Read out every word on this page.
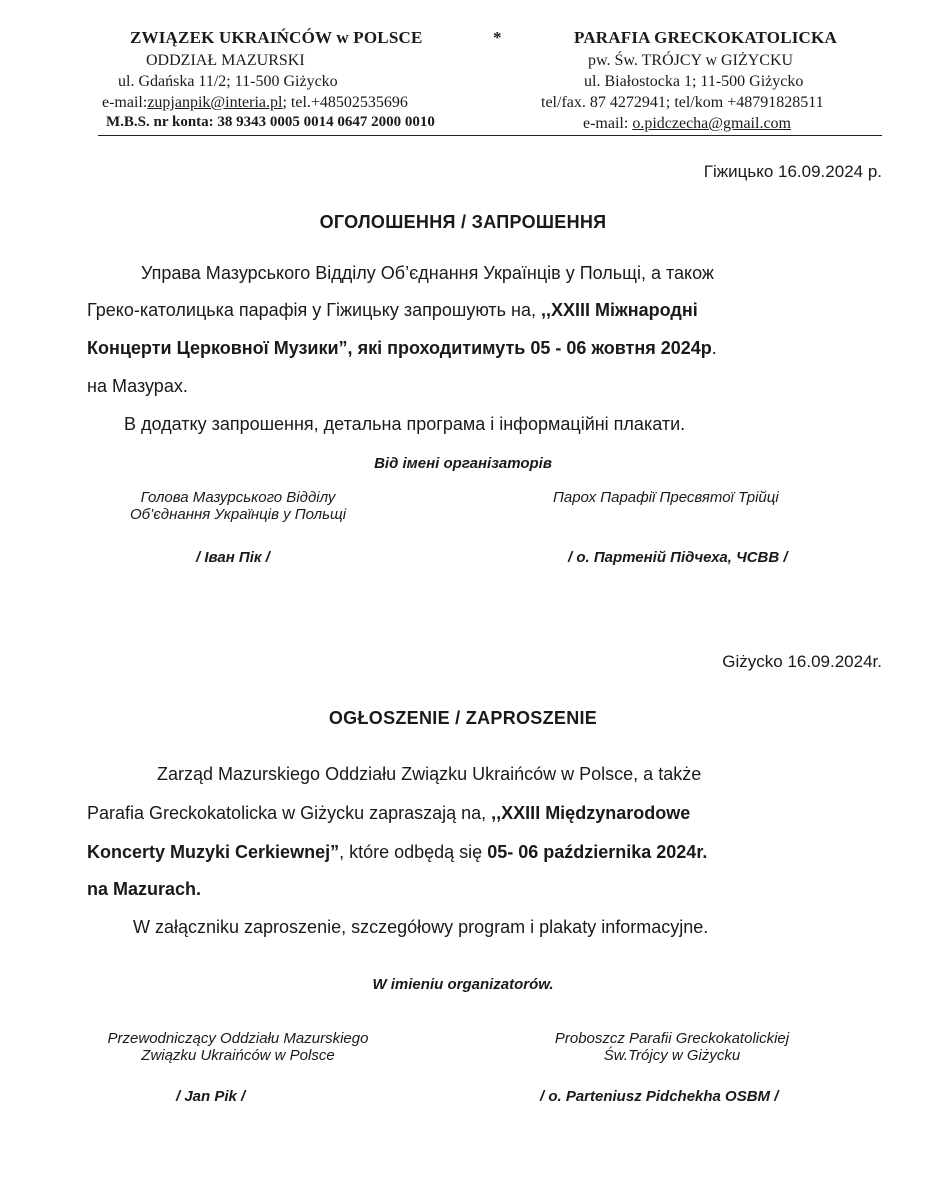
ZWIĄZEK UKRAIŃCÓW w POLSCE
ODDZIAŁ MAZURSKI
ul. Gdańska 11/2; 11-500 Giżycko
e-mail:zupjanpik@interia.pl; tel.+48502535696
M.B.S. nr konta: 38 9343 0005 0014 0647 2000 0010
*	PARAFIA GRECKOKATOLICKA
pw. Św. TRÓJCY w GIŻYCKU
ul. Białostocka 1; 11-500 Giżycko
tel/fax. 87 4272941; tel/kom +48791828511
e-mail: o.pidczecha@gmail.com
Гіжицько 16.09.2024 р.
ОГОЛОШЕННЯ / ЗАПРОШЕННЯ
Управа Мазурського Відділу Об’єднання Українців у Польщі, а також
Греко-католицька парафія у Гіжицьку запрошують на, ,,XXIII Міжнародні
Концерти Церковної Музики”, які проходитимуть 05 - 06 жовтня 2024р.
на Мазурах.
В додатку запрошення, детальна програма і інформаційні плакати.
Від імені організаторів
Голова Мазурського Відділу
Об’єднання Українців у Польщі
/ Іван Пік /
Парох Парафії Пресвятої Трійці
/ о. Партеній Підчеха, ЧСВВ /
Giżycko 16.09.2024r.
OGŁOSZENIE / ZAPROSZENIE
Zarząd Mazurskiego Oddziału Związku Ukraińców w Polsce, a także
Parafia Greckokatolicka w Giżycku zapraszają na, ,,XXIII Międzynarodowe
Koncerty Muzyki Cerkiewnej”, które odbędą się 05- 06 października 2024r.
na Mazurach.
W załączniku zaproszenie, szczegółowy program i plakaty informacyjne.
W imieniu organizatorów.
Przewodniczący Oddziału Mazurskiego
Związku Ukraińców w Polsce
/ Jan Pik /
Proboszcz Parafii Greckokatolickiej
Św.Trójcy w Giżycku
/ o. Parteniusz Pidchekha OSBM /
